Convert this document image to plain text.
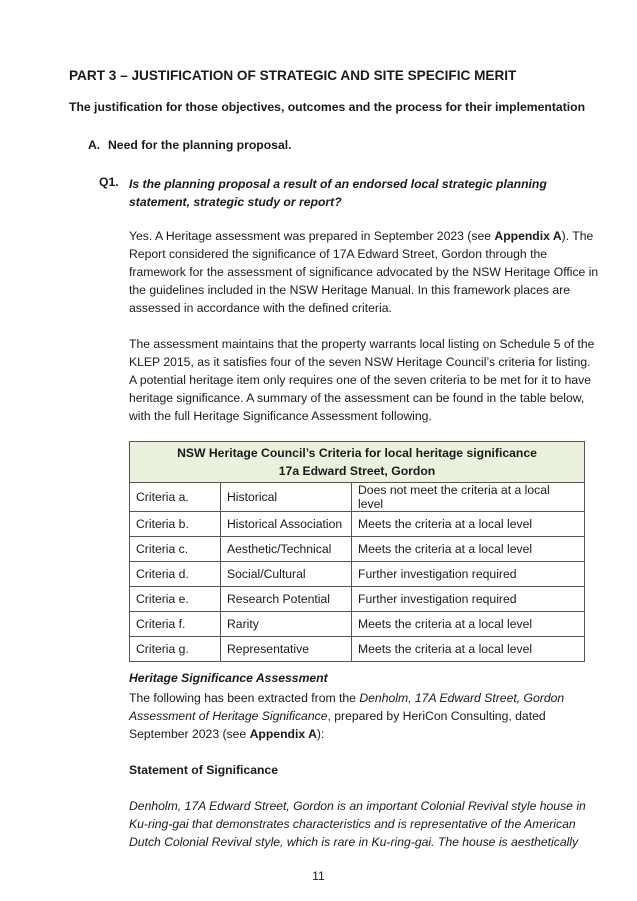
PART 3 – JUSTIFICATION OF STRATEGIC AND SITE SPECIFIC MERIT
The justification for those objectives, outcomes and the process for their implementation
A. Need for the planning proposal.
Q1. Is the planning proposal a result of an endorsed local strategic planning statement, strategic study or report?
Yes. A Heritage assessment was prepared in September 2023 (see Appendix A). The Report considered the significance of 17A Edward Street, Gordon through the framework for the assessment of significance advocated by the NSW Heritage Office in the guidelines included in the NSW Heritage Manual. In this framework places are assessed in accordance with the defined criteria.
The assessment maintains that the property warrants local listing on Schedule 5 of the KLEP 2015, as it satisfies four of the seven NSW Heritage Council’s criteria for listing. A potential heritage item only requires one of the seven criteria to be met for it to have heritage significance. A summary of the assessment can be found in the table below, with the full Heritage Significance Assessment following.
NSW Heritage Council’s Criteria for local heritage significance
17a Edward Street, Gordon		

Criteria a.	Historical	Does not meet the criteria at a local level
Criteria b.	Historical Association	Meets the criteria at a local level
Criteria c.	Aesthetic/Technical	Meets the criteria at a local level
Criteria d.	Social/Cultural	Further investigation required
Criteria e.	Research Potential	Further investigation required
Criteria f.	Rarity	Meets the criteria at a local level
Criteria g.	Representative	Meets the criteria at a local level
Heritage Significance Assessment
The following has been extracted from the Denholm, 17A Edward Street, Gordon Assessment of Heritage Significance, prepared by HeriCon Consulting, dated September 2023 (see Appendix A):
Statement of Significance
Denholm, 17A Edward Street, Gordon is an important Colonial Revival style house in Ku-ring-gai that demonstrates characteristics and is representative of the American Dutch Colonial Revival style, which is rare in Ku-ring-gai. The house is aesthetically
11
